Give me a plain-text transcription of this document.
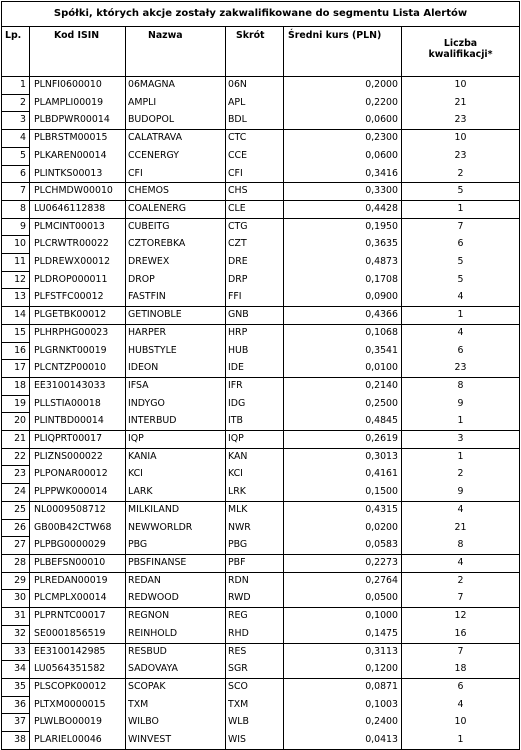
Spółki, których akcje zostały zakwalifikowane do segmentu Lista Alertów					
Lp.	Kod ISIN	Nazwa	Skrót	Średni kurs (PLN)	Liczba
kwalifikacji*

1	PLNFI0600010	06MAGNA	06N	0,2000	10
2	PLAMPLI00019	AMPLI	APL	0,2200	21
3	PLBDPWR00014	BUDOPOL	BDL	0,0600	23
4	PLBRSTM00015	CALATRAVA	CTC	0,2300	10
5	PLKAREN00014	CCENERGY	CCE	0,0600	23
6	PLINTKS00013	CFI	CFI	0,3416	2
7	PLCHMDW00010	CHEMOS	CHS	0,3300	5
8	LU0646112838	COALENERG	CLE	0,4428	1
9	PLMCINT00013	CUBEITG	CTG	0,1950	7
10	PLCRWTR00022	CZTOREBKA	CZT	0,3635	6
11	PLDREWX00012	DREWEX	DRE	0,4873	5
12	PLDROP000011	DROP	DRP	0,1708	5
13	PLFSTFC00012	FASTFIN	FFI	0,0900	4
14	PLGETBK00012	GETINOBLE	GNB	0,4366	1
15	PLHRPHG00023	HARPER	HRP	0,1068	4
16	PLGRNKT00019	HUBSTYLE	HUB	0,3541	6
17	PLCNTZP00010	IDEON	IDE	0,0100	23
18	EE3100143033	IFSA	IFR	0,2140	8
19	PLLSTIA00018	INDYGO	IDG	0,2500	9
20	PLINTBD00014	INTERBUD	ITB	0,4845	1
21	PLIQPRT00017	IQP	IQP	0,2619	3
22	PLIZNS000022	KANIA	KAN	0,3013	1
23	PLPONAR00012	KCI	KCI	0,4161	2
24	PLPPWK000014	LARK	LRK	0,1500	9
25	NL0009508712	MILKILAND	MLK	0,4315	4
26	GB00B42CTW68	NEWWORLDR	NWR	0,0200	21
27	PLPBG0000029	PBG	PBG	0,0583	8
28	PLBEFSN00010	PBSFINANSE	PBF	0,2273	4
29	PLREDAN00019	REDAN	RDN	0,2764	2
30	PLCMPLX00014	REDWOOD	RWD	0,0500	7
31	PLPRNTC00017	REGNON	REG	0,1000	12
32	SE0001856519	REINHOLD	RHD	0,1475	16
33	EE3100142985	RESBUD	RES	0,3113	7
34	LU0564351582	SADOVAYA	SGR	0,1200	18
35	PLSCOPK00012	SCOPAK	SCO	0,0871	6
36	PLTXM0000015	TXM	TXM	0,1003	4
37	PLWLBO00019	WILBO	WLB	0,2400	10
38	PLARIEL00046	WINVEST	WIS	0,0413	1
